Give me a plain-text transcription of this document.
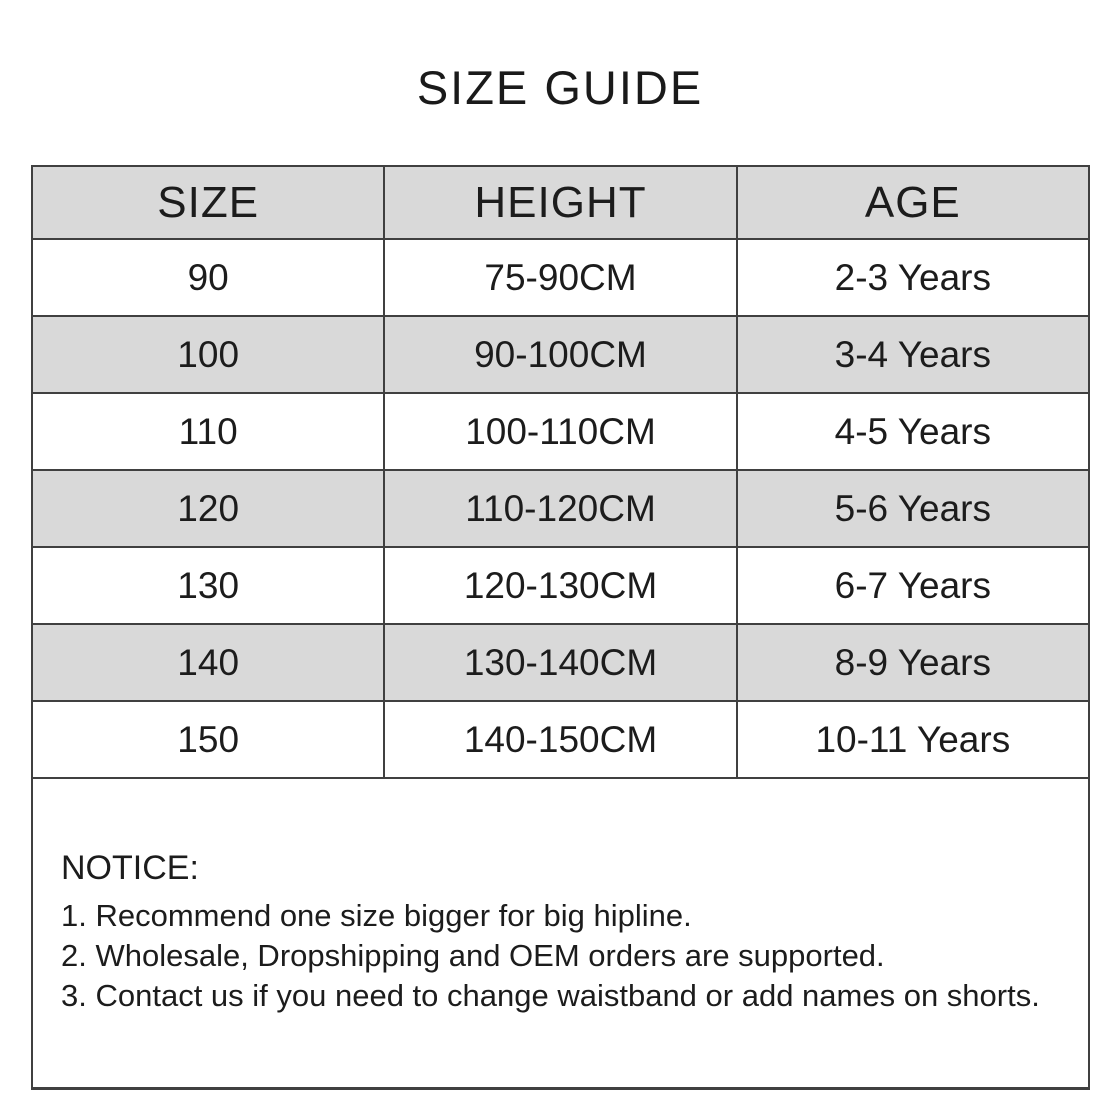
SIZE GUIDE
SIZE	HEIGHT	AGE
90	75-90CM	2-3 Years
100	90-100CM	3-4 Years
110	100-110CM	4-5 Years
120	110-120CM	5-6 Years
130	120-130CM	6-7 Years
140	130-140CM	8-9 Years
150	140-150CM	10-11 Years
NOTICE:
1. Recommend one size bigger for big hipline.
2. Wholesale, Dropshipping and OEM orders are supported.
3. Contact us if you need to change waistband or add names on shorts.
